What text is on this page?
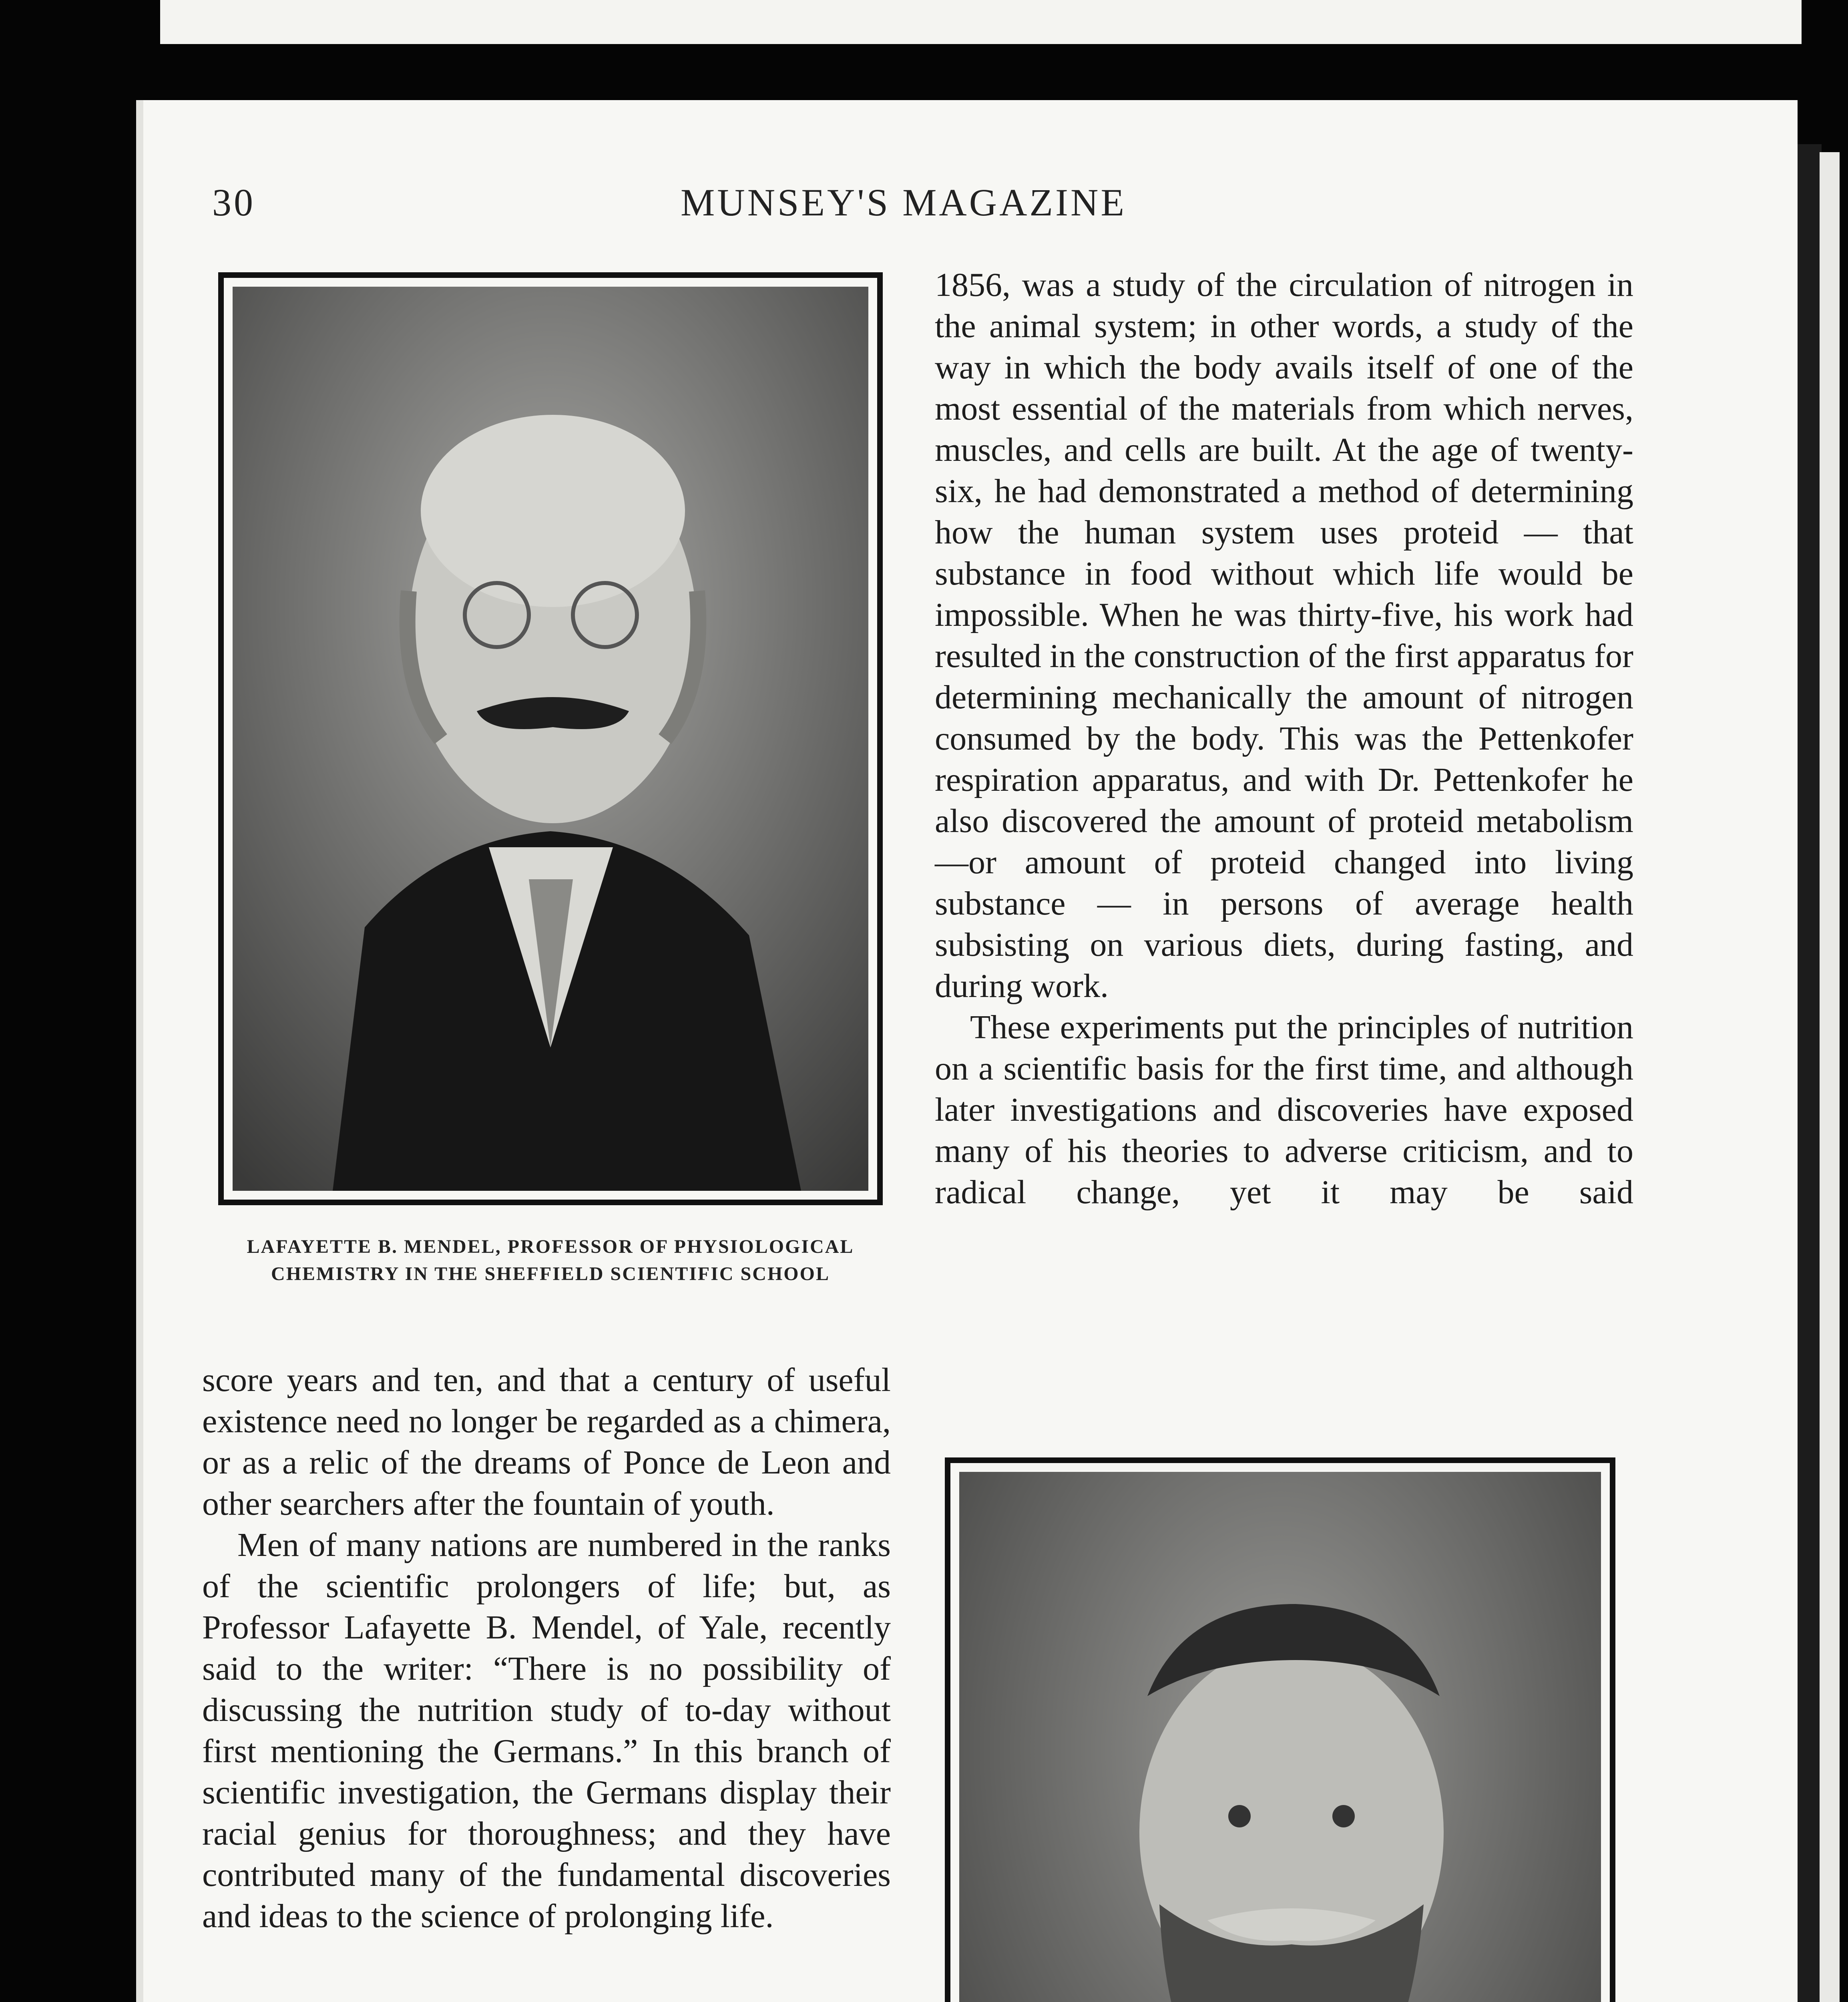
30	MUNSEY'S MAGAZINE
LAFAYETTE B. MENDEL, PROFESSOR OF PHYSIOLOGICAL CHEMISTRY IN THE SHEFFIELD SCIENTIFIC SCHOOL

score years and ten, and that a century of useful existence need no longer be regarded as a chimera, or as a relic of the dreams of Ponce de Leon and other searchers after the fountain of youth.

Men of many nations are numbered in the ranks of the scientific prolongers of life; but, as Professor Lafayette B. Mendel, of Yale, recently said to the writer: “There is no possibility of discussing the nutrition study of to-day without first mentioning the Germans.” In this branch of scientific investigation, the Germans display their racial genius for thoroughness; and they have contributed many of the fundamental discoveries and ideas to the science of prolonging life.

1856, was a study of the circulation of nitrogen in the animal system; in other words, a study of the way in which the body avails itself of one of the most essential of the materials from which nerves, muscles, and cells are built. At the age of twenty-six, he had demonstrated a method of determining how the human system uses proteid — that substance in food without which life would be impossible. When he was thirty-five, his work had resulted in the construction of the first apparatus for determining mechanically the amount of nitrogen consumed by the body. This was the Pettenkofer respiration apparatus, and with Dr. Pettenkofer he also discovered the amount of proteid metabolism—or amount of proteid changed into living substance — in persons of average health subsisting on various diets, during fasting, and during work.

These experiments put the principles of nutrition on a scientific basis for the first time, and although later investigations and discoveries have exposed many of his theories to adverse criticism, and to radical change, yet it may be said
